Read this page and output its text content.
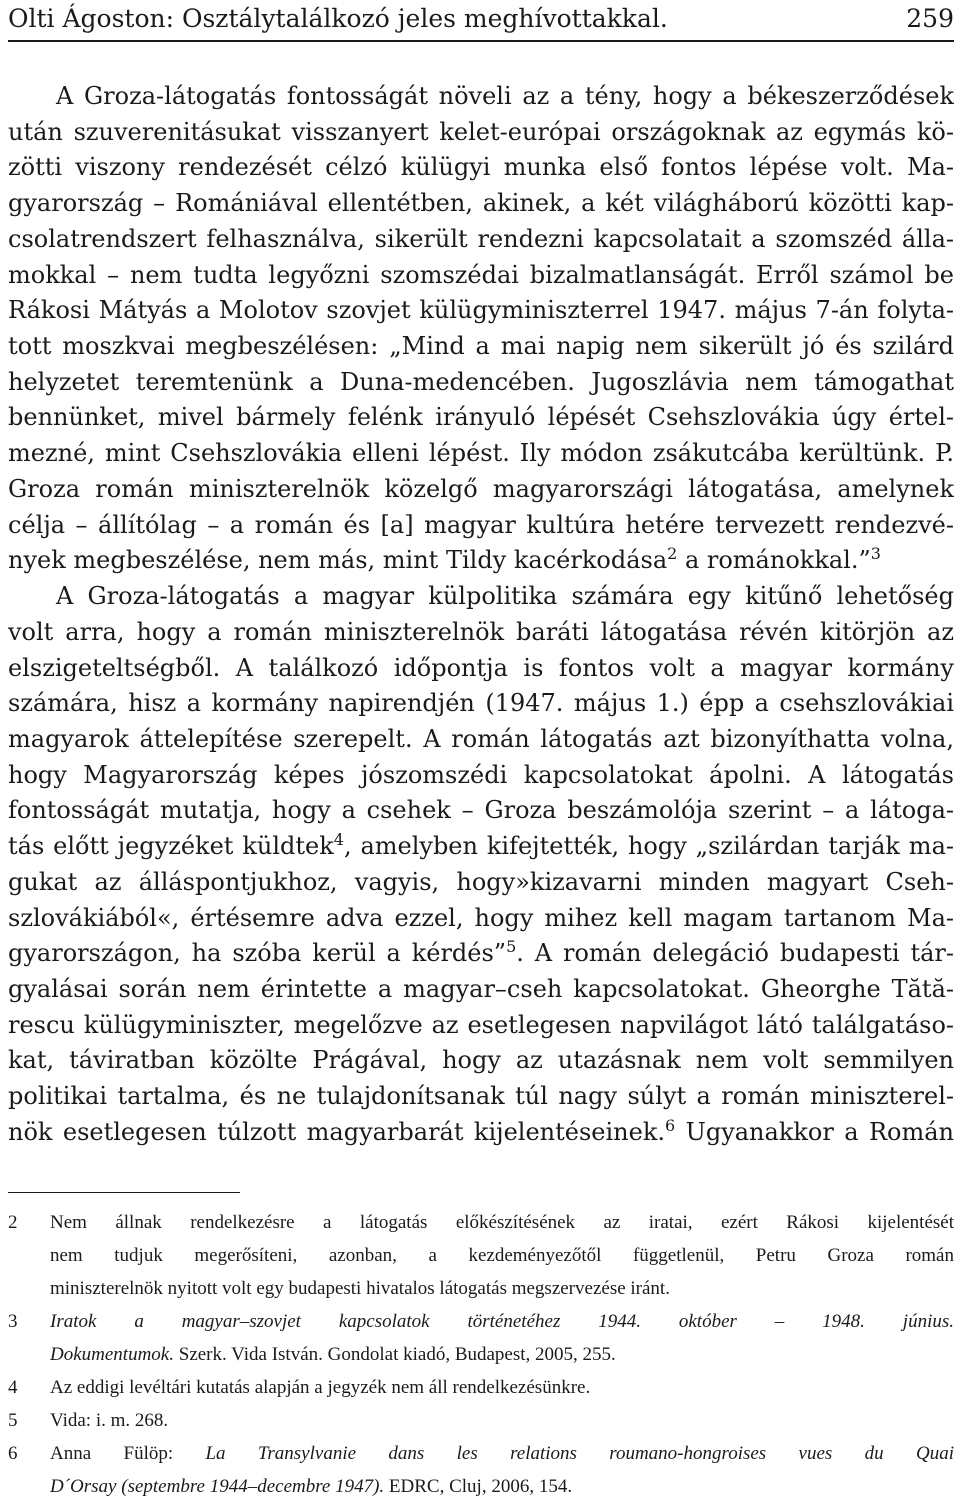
Olti Ágoston: Osztálytalálkozó jeles meghívottakkal.	259
A Groza-látogatás fontosságát növeli az a tény, hogy a békeszerződések
után szuverenitásukat visszanyert kelet-európai országoknak az egymás kö-
zötti viszony rendezését célzó külügyi munka első fontos lépése volt. Ma-
gyarország – Romániával ellentétben, akinek, a két világháború közötti kap-
csolatrendszert felhasználva, sikerült rendezni kapcsolatait a szomszéd álla-
mokkal – nem tudta legyőzni szomszédai bizalmatlanságát. Erről számol be
Rákosi Mátyás a Molotov szovjet külügyminiszterrel 1947. május 7-án folyta-
tott moszkvai megbeszélésen: „Mind a mai napig nem sikerült jó és szilárd
helyzetet teremtenünk a Duna-medencében. Jugoszlávia nem támogathat
bennünket, mivel bármely felénk irányuló lépését Csehszlovákia úgy értel-
mezné, mint Csehszlovákia elleni lépést. Ily módon zsákutcába kerültünk. P.
Groza román miniszterelnök közelgő magyarországi látogatása, amelynek
célja – állítólag – a román és [a] magyar kultúra hetére tervezett rendezvé-
nyek megbeszélése, nem más, mint Tildy kacérkodása$^2$ a románokkal.”$^3$
A Groza-látogatás a magyar külpolitika számára egy kitűnő lehetőség
volt arra, hogy a román miniszterelnök baráti látogatása révén kitörjön az
elszigeteltségből. A találkozó időpontja is fontos volt a magyar kormány
számára, hisz a kormány napirendjén (1947. május 1.) épp a csehszlovákiai
magyarok áttelepítése szerepelt. A román látogatás azt bizonyíthatta volna,
hogy Magyarország képes jószomszédi kapcsolatokat ápolni. A látogatás
fontosságát mutatja, hogy a csehek – Groza beszámolója szerint – a látoga-
tás előtt jegyzéket küldtek$^4$, amelyben kifejtették, hogy „szilárdan tarják ma-
gukat az álláspontjukhoz, vagyis, hogy»kizavarni minden magyart Cseh-
szlovákiából«, értésemre adva ezzel, hogy mihez kell magam tartanom Ma-
gyarországon, ha szóba kerül a kérdés”$^5$. A román delegáció budapesti tár-
gyalásai során nem érintette a magyar–cseh kapcsolatokat. Gheorghe Tătă-
rescu külügyminiszter, megelőzve az esetlegesen napvilágot látó találgatáso-
kat, táviratban közölte Prágával, hogy az utazásnak nem volt semmilyen
politikai tartalma, és ne tulajdonítsanak túl nagy súlyt a román miniszterel-
nök esetlegesen túlzott magyarbarát kijelentéseinek.$^6$ Ugyanakkor a Román
2 Nem állnak rendelkezésre a látogatás előkészítésének az iratai, ezért Rákosi kijelentését
nem tudjuk megerősíteni, azonban, a kezdeményezőtől függetlenül, Petru Groza román
miniszterelnök nyitott volt egy budapesti hivatalos látogatás megszervezése iránt.
3 Iratok a magyar–szovjet kapcsolatok történetéhez 1944. október – 1948. június.
Dokumentumok. Szerk. Vida István. Gondolat kiadó, Budapest, 2005, 255.
4 Az eddigi levéltári kutatás alapján a jegyzék nem áll rendelkezésünkre.
5 Vida: i. m. 268.
6 Anna Fülöp: La Transylvanie dans les relations roumano-hongroises vues du Quai
D´Orsay (septembre 1944–decembre 1947). EDRC, Cluj, 2006, 154.
